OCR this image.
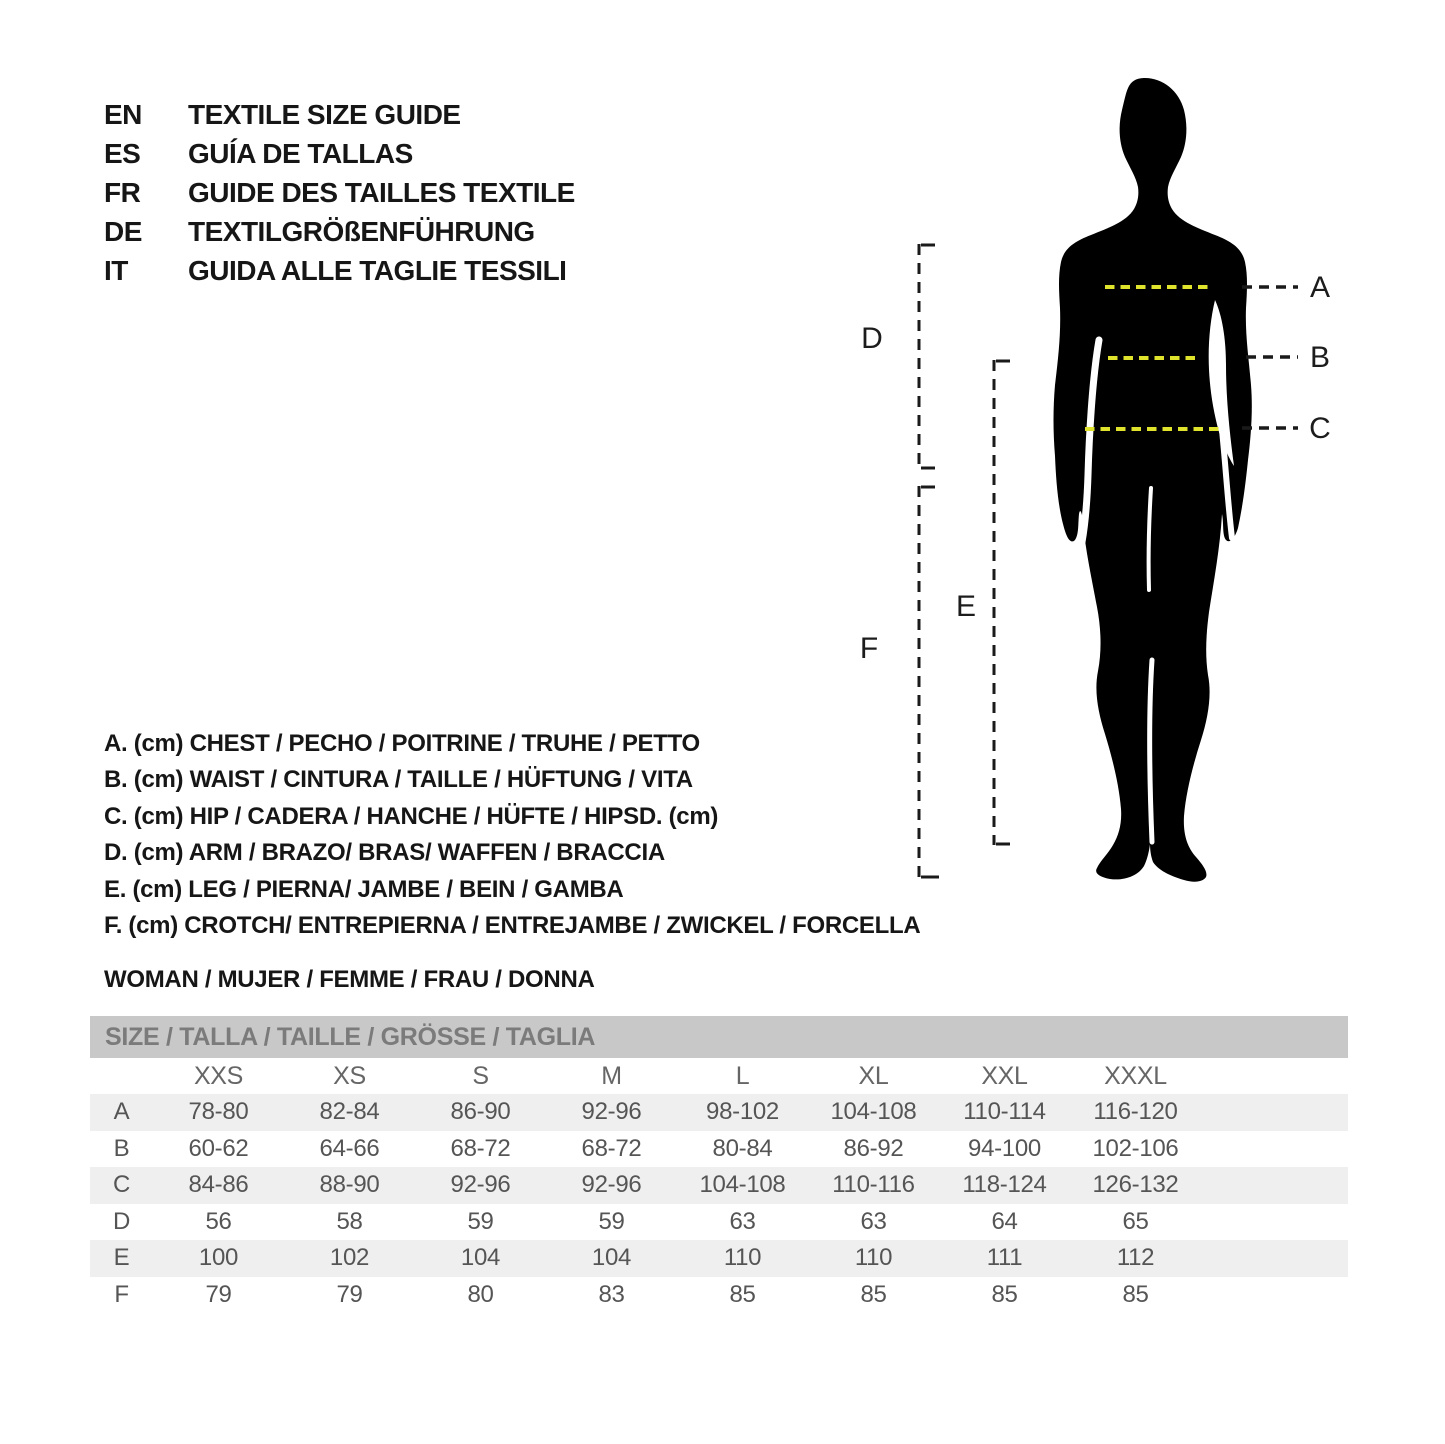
EN	TEXTILE SIZE GUIDE
ES	GUÍA DE TALLAS
FR	GUIDE DES TAILLES TEXTILE
DE	TEXTILGRÖßENFÜHRUNG
IT	GUIDA ALLE TAGLIE TESSILI
A
B
C
D
E
F
A. (cm) CHEST / PECHO / POITRINE / TRUHE / PETTO
B. (cm) WAIST / CINTURA / TAILLE / HÜFTUNG / VITA
C. (cm) HIP / CADERA / HANCHE / HÜFTE / HIPSD. (cm)
D. (cm) ARM / BRAZO/ BRAS/ WAFFEN / BRACCIA
E. (cm) LEG / PIERNA/ JAMBE / BEIN / GAMBA
F. (cm) CROTCH/ ENTREPIERNA / ENTREJAMBE / ZWICKEL / FORCELLA
WOMAN / MUJER / FEMME / FRAU / DONNA
SIZE / TALLA / TAILLE / GRÖSSE / TAGLIA
	XXS	XS	S	M	L	XL	XXL	XXXL	
A	78-80	82-84	86-90	92-96	98-102	104-108	110-114	116-120	
B	60-62	64-66	68-72	68-72	80-84	86-92	94-100	102-106	
C	84-86	88-90	92-96	92-96	104-108	110-116	118-124	126-132	
D	56	58	59	59	63	63	64	65	
E	100	102	104	104	110	110	111	112	
F	79	79	80	83	85	85	85	85	
